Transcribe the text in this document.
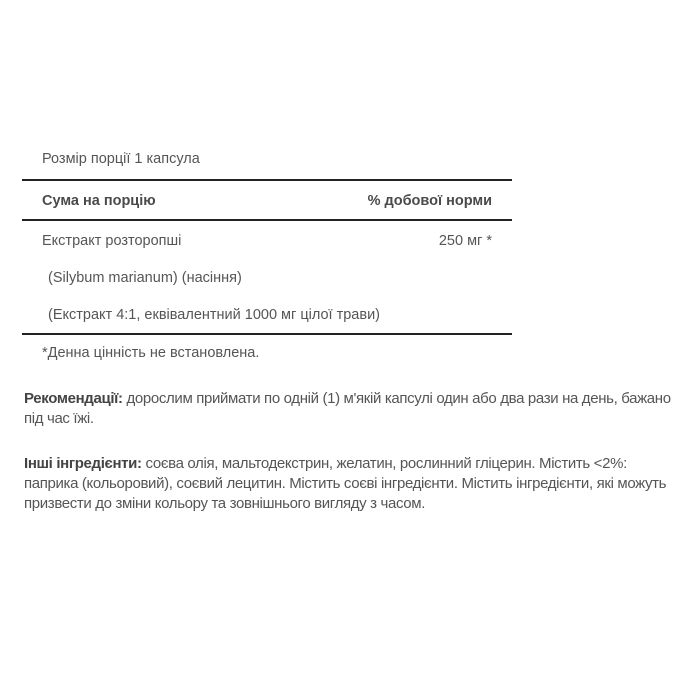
Розмір порції 1 капсула
Сума на порцію	% добової норми
Екстракт розторопші	250 мг *
(Silybum marianum) (насіння)
(Екстракт 4:1, еквівалентний 1000 мг цілої трави)
*Денна цінність не встановлена.
Рекомендації: дорослим приймати по одній (1) м'якій капсулі один або два рази на день, бажано під час їжі.
Інші інгредієнти: соєва олія, мальтодекстрин, желатин, рослинний гліцерин. Містить <2%: паприка (кольоровий), соєвий лецитин. Містить соєві інгредієнти. Містить інгредієнти, які можуть призвести до зміни кольору та зовнішнього вигляду з часом.
